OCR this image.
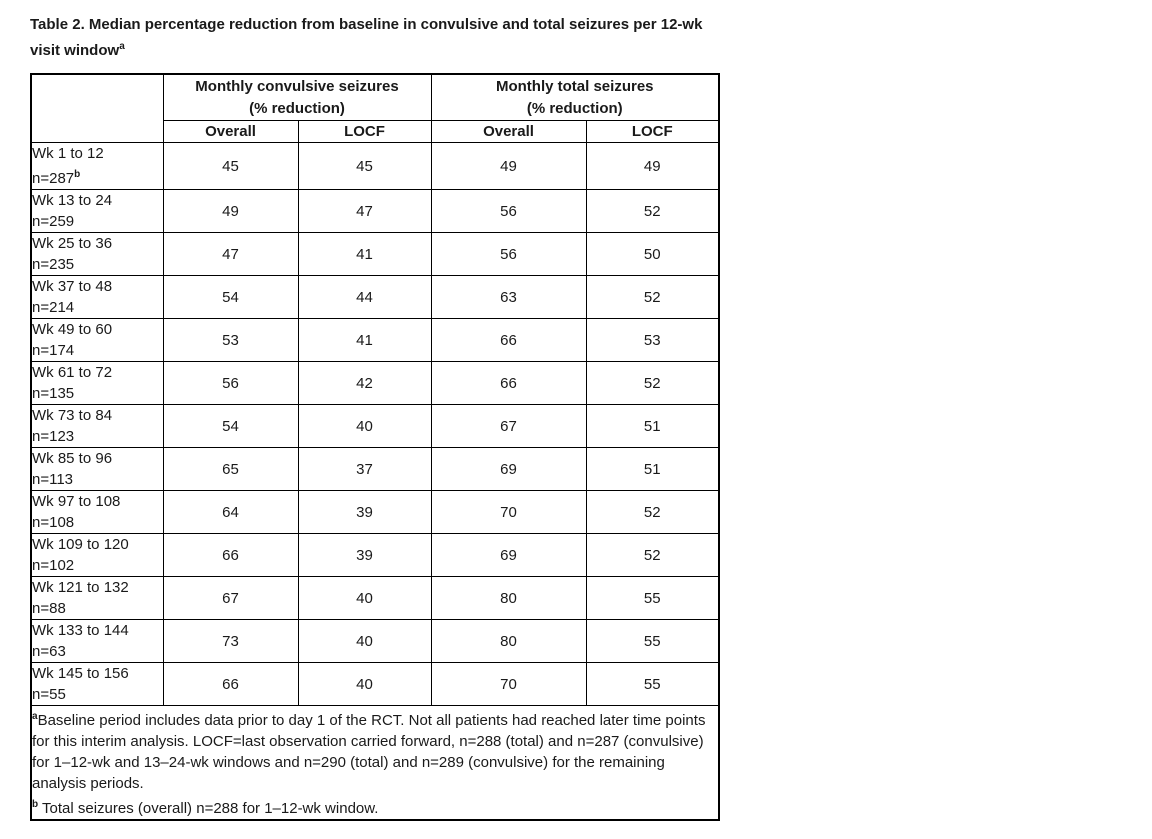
Table 2. Median percentage reduction from baseline in convulsive and total seizures per 12-wk
visit window$^a$
	Monthly convulsive seizures
(% reduction)		Monthly total seizures
(% reduction)	
	Overall	LOCF	Overall	LOCF

Wk 1 to 12
$n=287^b$	45	45	49	49

Wk 13 to 24
n=259	49	47	56	52

Wk 25 to 36
n=235	47	41	56	50

Wk 37 to 48
n=214	54	44	63	52

Wk 49 to 60
n=174	53	41	66	53

Wk 61 to 72
n=135	56	42	66	52

Wk 73 to 84
n=123	54	40	67	51

Wk 85 to 96
n=113	65	37	69	51

Wk 97 to 108
n=108	64	39	70	52

Wk 109 to 120
n=102	66	39	69	52

Wk 121 to 132
n=88	67	40	80	55

Wk 133 to 144
n=63	73	40	80	55

Wk 145 to 156
n=55	66	40	70	55

$^a$Baseline period includes data prior to day 1 of the RCT. Not all patients had reached later time points for this interim analysis. LOCF=last observation carried forward, n=288 (total) and n=287 (convulsive) for 1–12-wk and 13–24-wk windows and n=290 (total) and n=289 (convulsive) for the remaining analysis periods.
$^b$ Total seizures (overall) n=288 for 1–12-wk window.				
